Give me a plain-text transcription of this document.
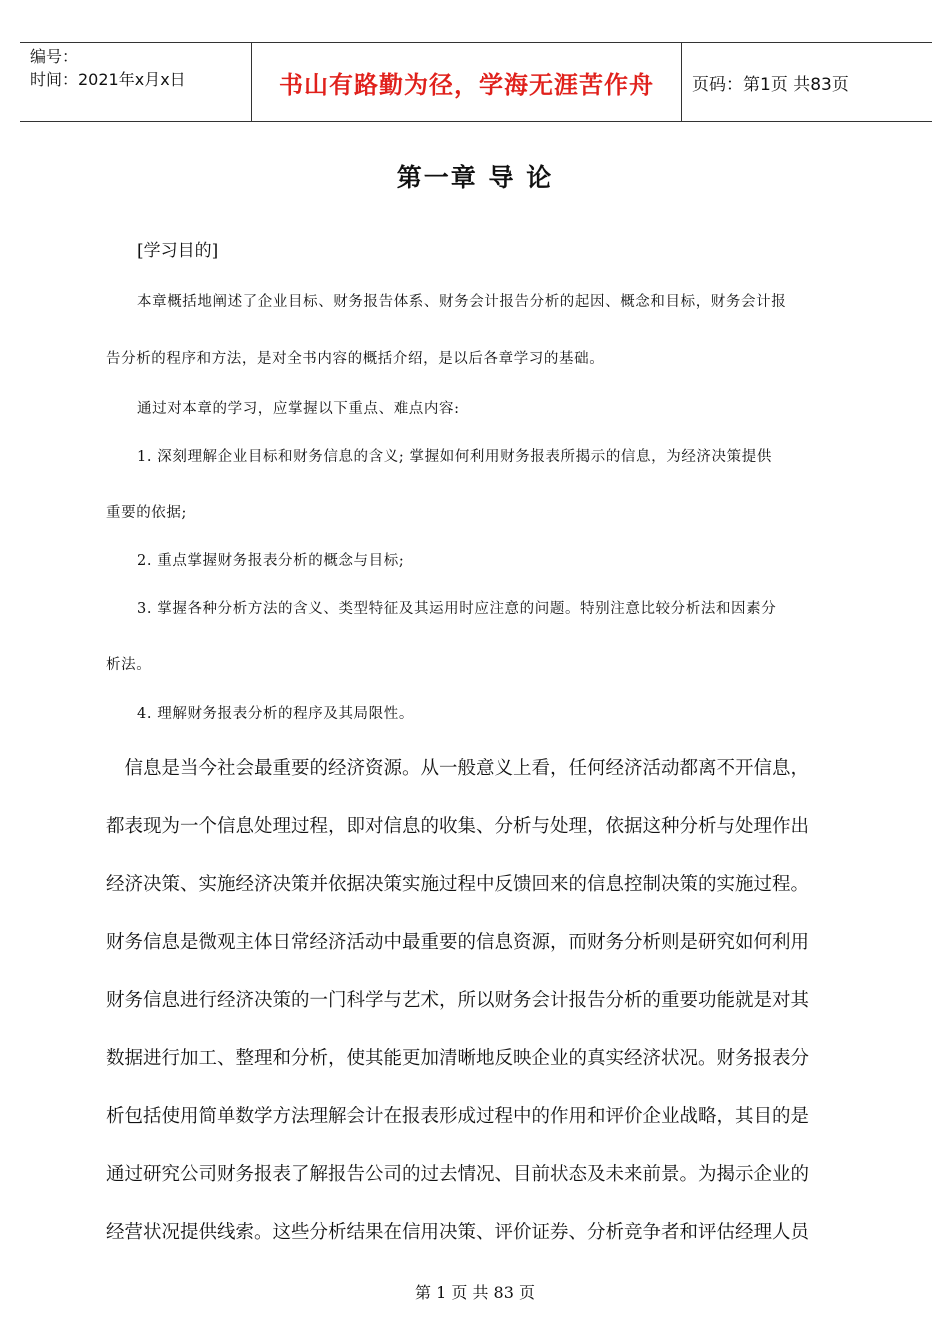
编号：
时间：2021年x月x日	书山有路勤为径，学海无涯苦作舟 页码：第1页 共83页
第一章 导 论
[学习目的]
本章概括地阐述了企业目标、财务报告体系、财务会计报告分析的起因、概念和目标，财务会计报
告分析的程序和方法，是对全书内容的概括介绍，是以后各章学习的基础。
通过对本章的学习，应掌握以下重点、难点内容:
1. 深刻理解企业目标和财务信息的含义; 掌握如何利用财务报表所揭示的信息，为经济决策提供
重要的依据;
2. 重点掌握财务报表分析的概念与目标;
3. 掌握各种分析方法的含义、类型特征及其运用时应注意的问题。特别注意比较分析法和因素分
析法。
4. 理解财务报表分析的程序及其局限性。
　信息是当今社会最重要的经济资源。从一般意义上看，任何经济活动都离不开信息，
都表现为一个信息处理过程，即对信息的收集、分析与处理，依据这种分析与处理作出
经济决策、实施经济决策并依据决策实施过程中反馈回来的信息控制决策的实施过程。
财务信息是微观主体日常经济活动中最重要的信息资源，而财务分析则是研究如何利用
财务信息进行经济决策的一门科学与艺术，所以财务会计报告分析的重要功能就是对其
数据进行加工、整理和分析，使其能更加清晰地反映企业的真实经济状况。财务报表分
析包括使用简单数学方法理解会计在报表形成过程中的作用和评价企业战略，其目的是
通过研究公司财务报表了解报告公司的过去情况、目前状态及未来前景。为揭示企业的
经营状况提供线索。这些分析结果在信用决策、评价证券、分析竞争者和评估经理人员
第 1 页 共 83 页
